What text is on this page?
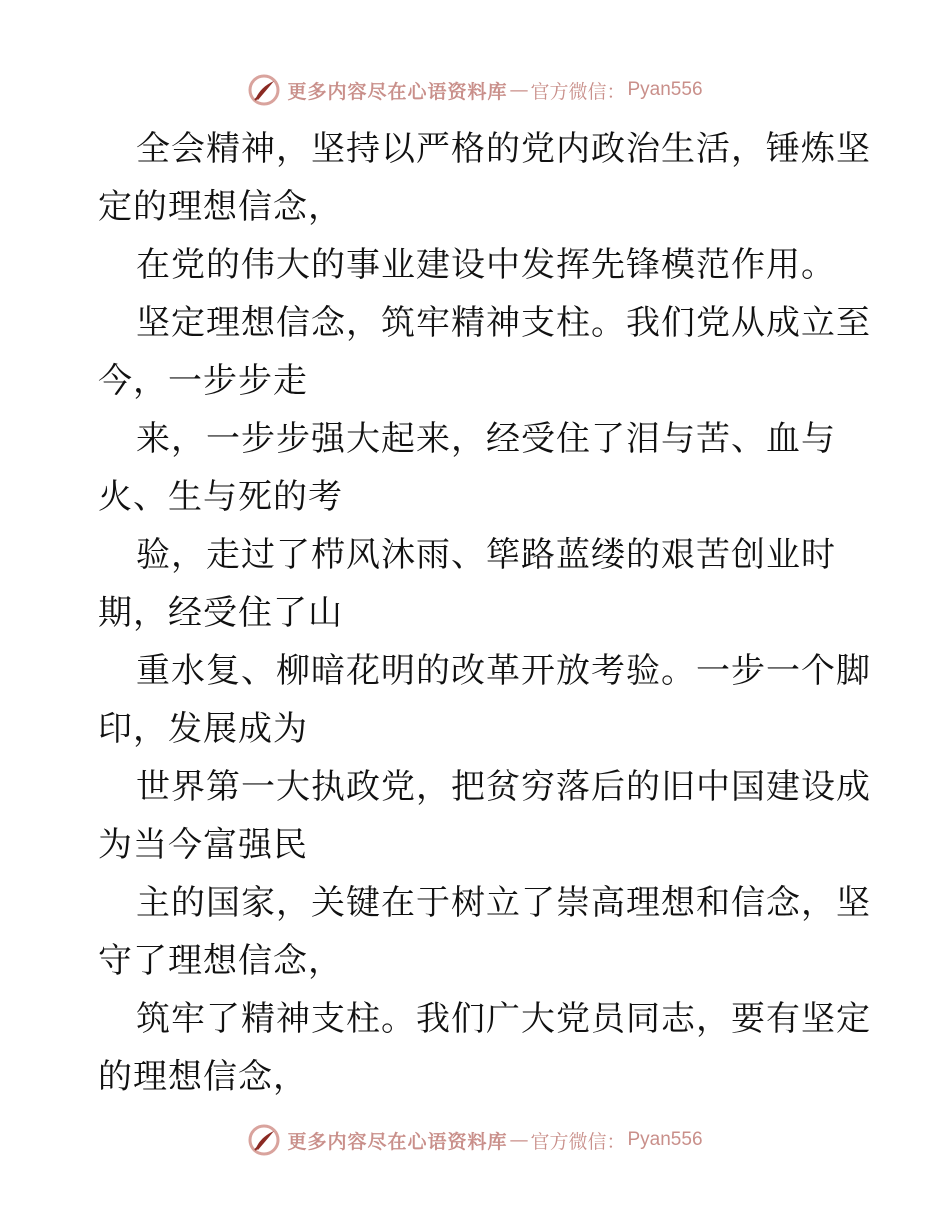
更多内容尽在心语资料库 — 官方微信： Pyan556
全会精神，坚持以严格的党内政治生活，锤炼坚
定的理想信念，
在党的伟大的事业建设中发挥先锋模范作用。
坚定理想信念，筑牢精神支柱。我们党从成立至
今，一步步走
来，一步步强大起来，经受住了泪与苦、血与
火、生与死的考
验，走过了栉风沐雨、筚路蓝缕的艰苦创业时
期，经受住了山
重水复、柳暗花明的改革开放考验。一步一个脚
印，发展成为
世界第一大执政党，把贫穷落后的旧中国建设成
为当今富强民
主的国家，关键在于树立了崇高理想和信念，坚
守了理想信念，
筑牢了精神支柱。我们广大党员同志，要有坚定
的理想信念，
更多内容尽在心语资料库 — 官方微信： Pyan556
